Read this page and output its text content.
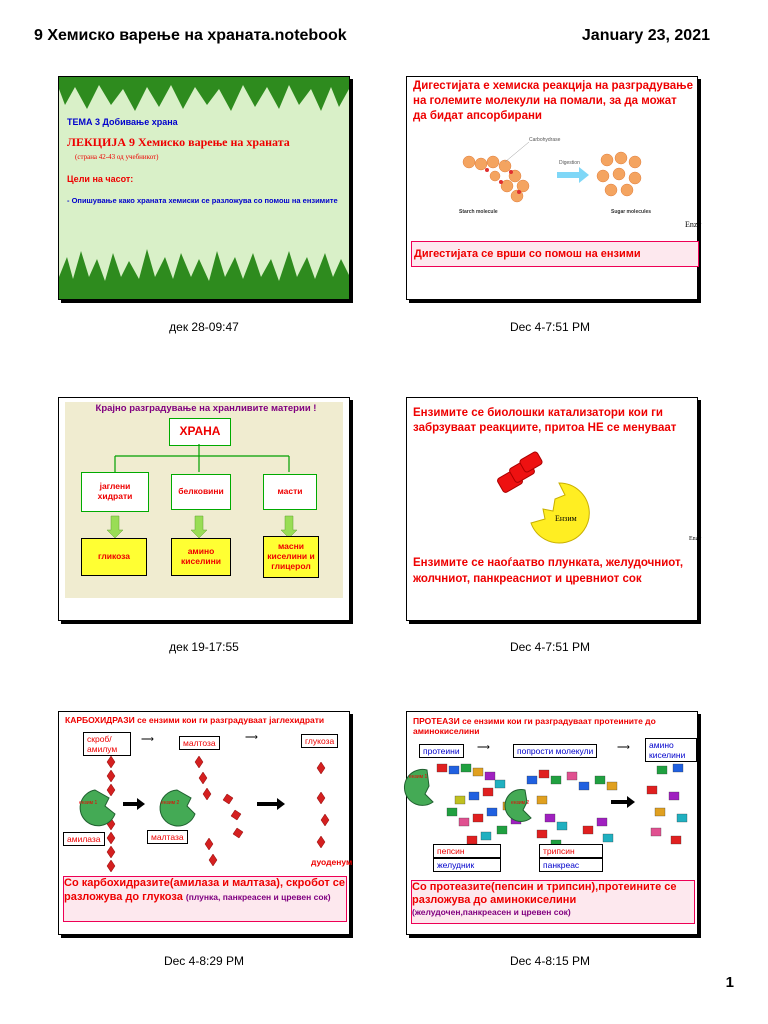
9 Хемиско варење на храната.notebook	January 23, 2021
ТЕМА 3 Добивање храна
ЛЕКЦИЈА 9 Хемиско варење на храната
(страна 42-43 од учебникот)
Цели на часот:
- Опишување како храната хемиски се разложува со помош на ензимите
дек 28-09:47
Дигестијата е хемиска реакција на разградување на големите молекули на помали, за да можат да бидат апсорбирани
Carbohydrase
Digestion
Starch molecule	Sugar molecules
Enzy
Дигестијата се врши со помош на ензими
Dec 4-7:51 PM
Крајно разградување на хранливите материи !
ХРАНА
јаглени хидрати	белковини	масти
гликоза	амино киселини
масни киселини и глицерол
дек 19-17:55
Ензимите се биолошки катализатори кои ги забрзуваат реакциите, притоа НЕ се менуваат
Ензим
Enzy
Ензимите се наоѓаатво плунката, желудочниот, жолчниот, панкреасниот и цревниот сок
Dec 4-7:51 PM
КАРБОХИДРАЗИ се ензими кои ги разградуваат јаглехидрати
скроб/ амилум
⟶	малтоза
⟶	глукоза
ензим 1	ензим 2
амилаза	малтаза
дуоденум
Со карбохидразите(амилаза и малтаза), скробот се разложува до глукоза (плунка, панкреасен и цревен сок)
Dec 4-8:29 PM
ПРОТЕАЗИ се ензими кои ги разградуваат протеините до аминокиселини
протеини	⟶	попрости молекули	⟶	амино киселини
ензим 1
ензим 2
пепсин
желудник
трипсин
панкреас
Со протеазите(пепсин и трипсин),протеините се разложува до аминокиселини
(желудочен,панкреасен и цревен сок)
Dec 4-8:15 PM
1
